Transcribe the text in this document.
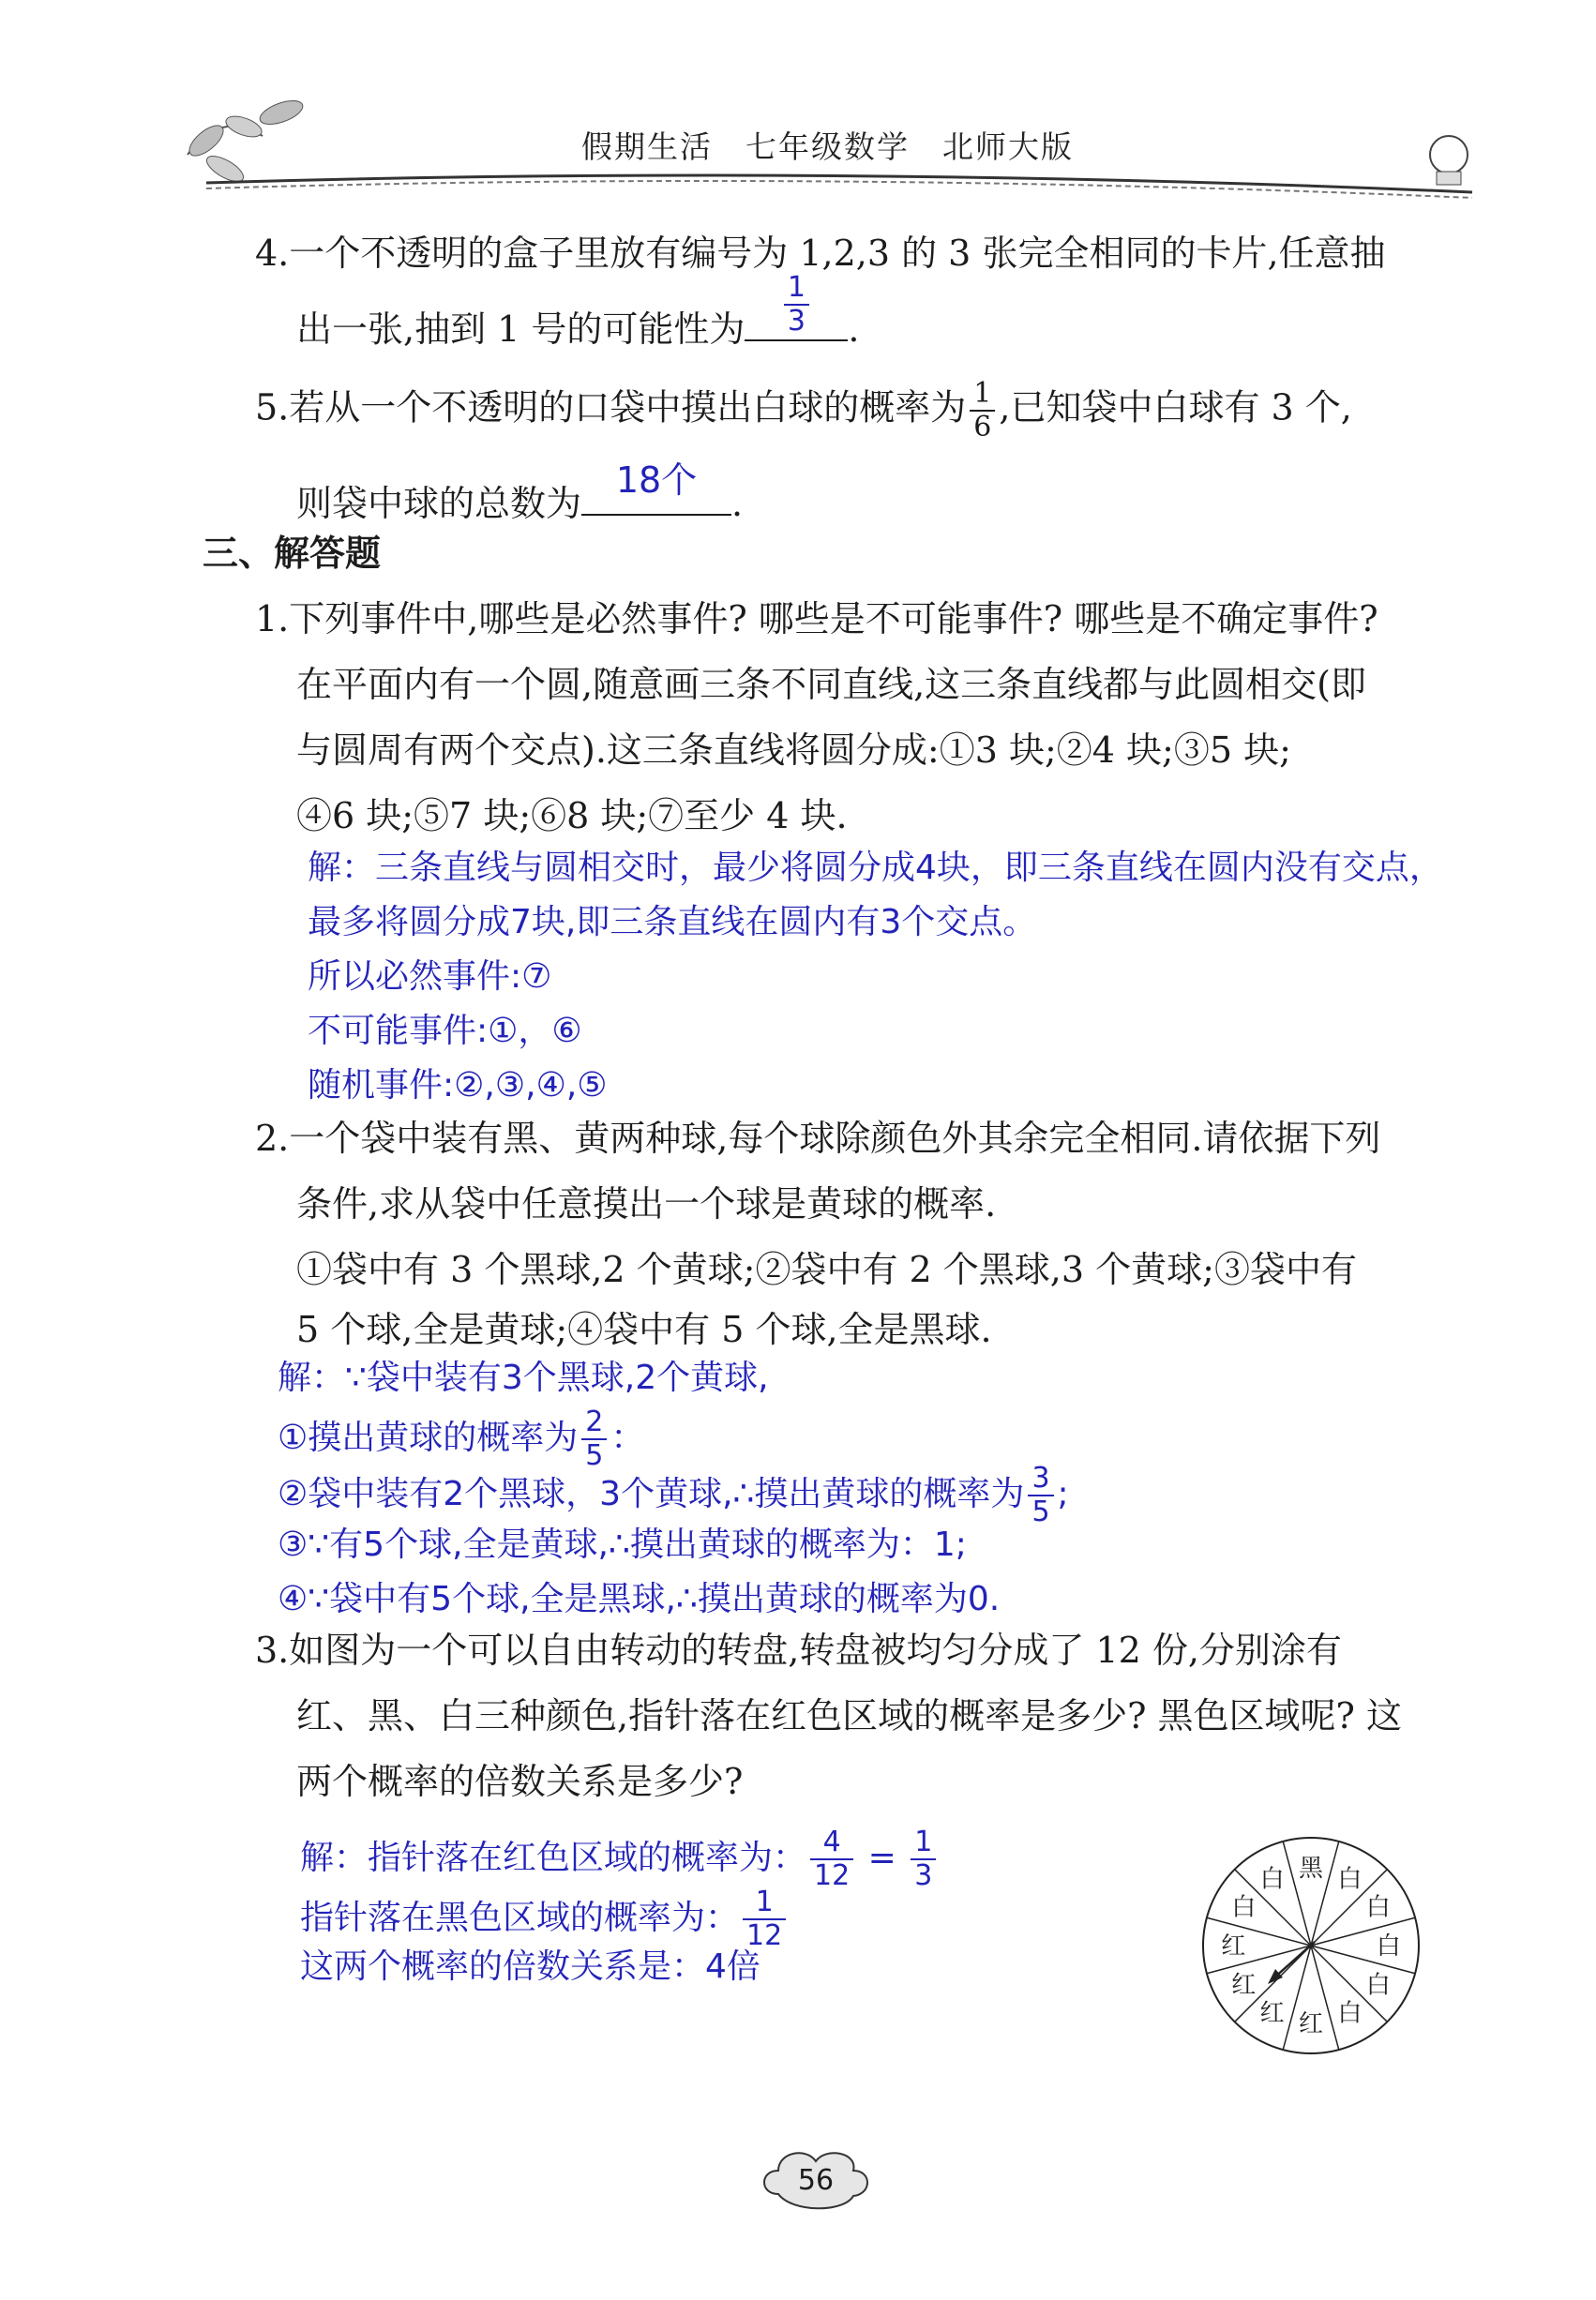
假期生活　七年级数学　北师大版
4.一个不透明的盒子里放有编号为 1,2,3 的 3 张完全相同的卡片,任意抽
出一张,抽到 1 号的可能性为 $\frac{1}{3}$ .
5.若从一个不透明的口袋中摸出白球的概率为 $\frac{1}{6}$ ,已知袋中白球有 3 个,
则袋中球的总数为
18个
.
三、解答题
1.下列事件中,哪些是必然事件? 哪些是不可能事件? 哪些是不确定事件?
在平面内有一个圆,随意画三条不同直线,这三条直线都与此圆相交(即
与圆周有两个交点).这三条直线将圆分成:①3 块;②4 块;③5 块;
④6 块;⑤7 块;⑥8 块;⑦至少 4 块.
解：三条直线与圆相交时，最少将圆分成4块，即三条直线在圆内没有交点，
最多将圆分成7块,即三条直线在圆内有3个交点。
所以必然事件:⑦
不可能事件:①，⑥
随机事件:②,③,④,⑤
2.一个袋中装有黑、黄两种球,每个球除颜色外其余完全相同.请依据下列
条件,求从袋中任意摸出一个球是黄球的概率.
①袋中有 3 个黑球,2 个黄球;②袋中有 2 个黑球,3 个黄球;③袋中有
5 个球,全是黄球;④袋中有 5 个球,全是黑球.
解：∵袋中装有3个黑球,2个黄球,
①摸出黄球的概率为 $\frac{2}{5}$ ：
②袋中装有2个黑球，3个黄球,∴摸出黄球的概率为 $\frac{3}{5}$ ;
③∵有5个球,全是黄球,∴摸出黄球的概率为：1;
④∵袋中有5个球,全是黑球,∴摸出黄球的概率为0.
3.如图为一个可以自由转动的转盘,转盘被均匀分成了 12 份,分别涂有
红、黑、白三种颜色,指针落在红色区域的概率是多少? 黑色区域呢? 这
两个概率的倍数关系是多少?
解：指针落在红色区域的概率为： $\frac{4}{12} = \frac{1}{3}$
指针落在黑色区域的概率为： $\frac{1}{12}$
这两个概率的倍数关系是：4倍
黑 白
白
白
白
白
红
红
红
红
白
白
56
